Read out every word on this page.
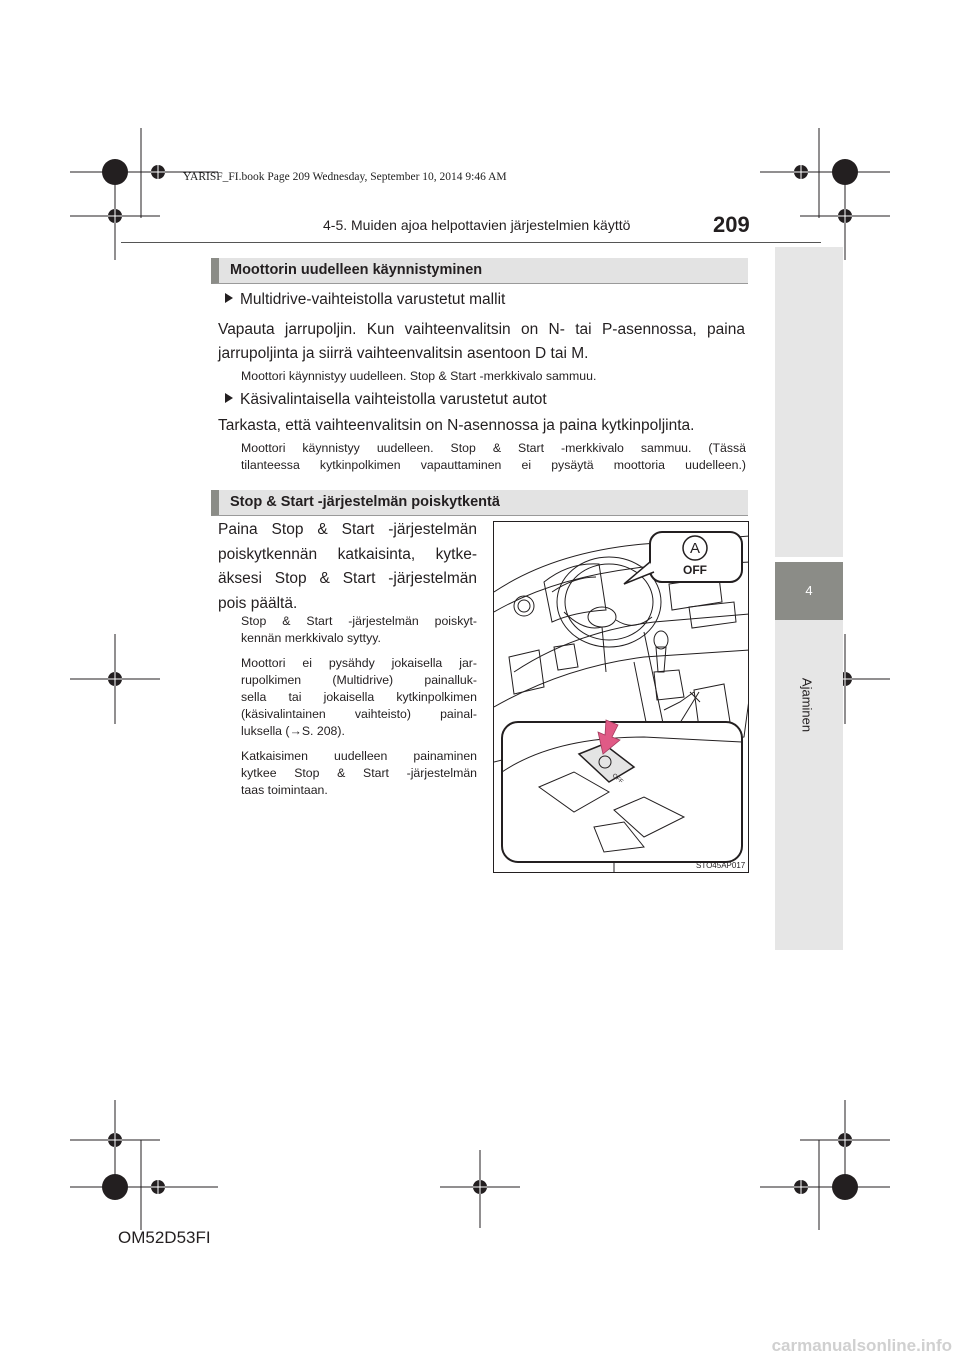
YARISF_FI.book Page 209 Wednesday, September 10, 2014 9:46 AM
4-5. Muiden ajoa helpottavien järjestelmien käyttö	209
4
Ajaminen
Moottorin uudelleen käynnistyminen
Multidrive-vaihteistolla varustetut mallit
Vapauta jarrupoljin. Kun vaihteenvalitsin on N- tai P-asennossa, paina
jarrupoljinta ja siirrä vaihteenvalitsin asentoon D tai M.
Moottori käynnistyy uudelleen. Stop & Start -merkkivalo sammuu.
Käsivalintaisella vaihteistolla varustetut autot
Tarkasta, että vaihteenvalitsin on N-asennossa ja paina kytkinpoljinta.
Moottori käynnistyy uudelleen. Stop & Start -merkkivalo sammuu. (Tässä
tilanteessa kytkinpolkimen vapauttaminen ei pysäytä moottoria uudelleen.)
Stop & Start -järjestelmän poiskytkentä
Paina Stop & Start -järjestelmän
poiskytkennän katkaisinta, kytke-
äksesi Stop & Start -järjestelmän
pois päältä.
Stop & Start -järjestelmän poiskyt-
kennän merkkivalo syttyy.
Moottori ei pysähdy jokaisella jar-
rupolkimen (Multidrive) painalluk-
sella tai jokaisella kytkinpolkimen
(käsivalintainen vaihteisto) painal-
luksella (→S. 208).
Katkaisimen uudelleen painaminen
kytkee Stop & Start -järjestelmän
taas toimintaan.
A
OFF
OFF
STO45AP017
OM52D53FI
carmanualsonline.info
